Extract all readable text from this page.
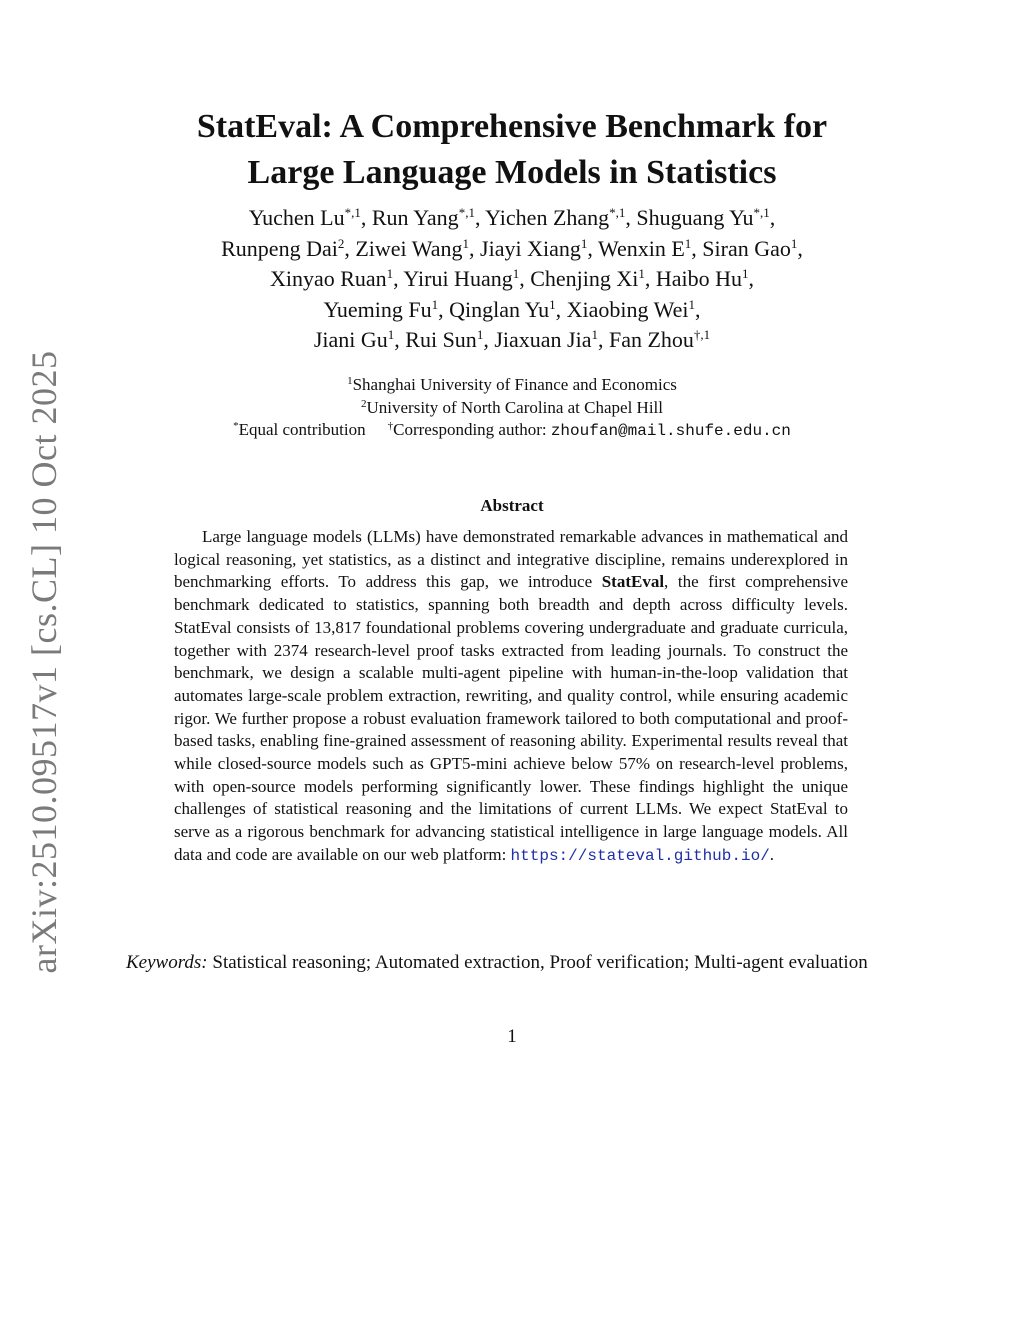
arXiv:2510.09517v1 [cs.CL] 10 Oct 2025
StatEval: A Comprehensive Benchmark for
Large Language Models in Statistics
Yuchen $Lu^{*,1}$, Run Yang$^{*,1}$, Yichen Zhang$^{*,1}$, Shuguang $Yu^{*,1}$,
Runpeng Dai$^2$, Ziwei Wang$^1$, Jiayi Xiang$^1$, Wenxin $E^1$, Siran Gao$^1$,
Xinyao Ruan$^1$, Yirui Huang$^1$, Chenjing Xi$^1$, Haibo Hu$^1$,
Yueming Fu$^1$, Qinglan Yu$^1$, Xiaobing Wei$^1$,
Jiani Gu$^1$, Rui Sun$^1$, Jiaxuan Jia$^1$, Fan Zhou$^{\dagger,1}$
$^1$Shanghai University of Finance and Economics
$^2$University of North Carolina at Chapel Hill
*Equal contribution †Corresponding author: zhoufan@mail.shufe.edu.cn
Abstract

Large language models (LLMs) have demonstrated remarkable advances in mathematical and logical reasoning, yet statistics, as a distinct and integrative discipline, remains underexplored in benchmarking efforts. To address this gap, we introduce StatEval, the first comprehensive benchmark dedicated to statistics, spanning both breadth and depth across difficulty levels. StatEval consists of 13,817 foundational problems covering undergraduate and graduate curricula, together with 2374 research-level proof tasks extracted from leading journals. To construct the benchmark, we design a scalable multi-agent pipeline with human-in-the-loop validation that automates large-scale problem extraction, rewriting, and quality control, while ensuring academic rigor. We further propose a robust evaluation framework tailored to both computational and proof-based tasks, enabling fine-grained assessment of reasoning ability. Experimental results reveal that while closed-source models such as GPT5-mini achieve below 57% on research-level problems, with open-source models performing significantly lower. These findings highlight the unique challenges of statistical reasoning and the limitations of current LLMs. We expect StatEval to serve as a rigorous benchmark for advancing statistical intelligence in large language models. All data and code are available on our web platform: https://stateval.github.io/.

Keywords: Statistical reasoning; Automated extraction, Proof verification; Multi-agent evaluation
1
